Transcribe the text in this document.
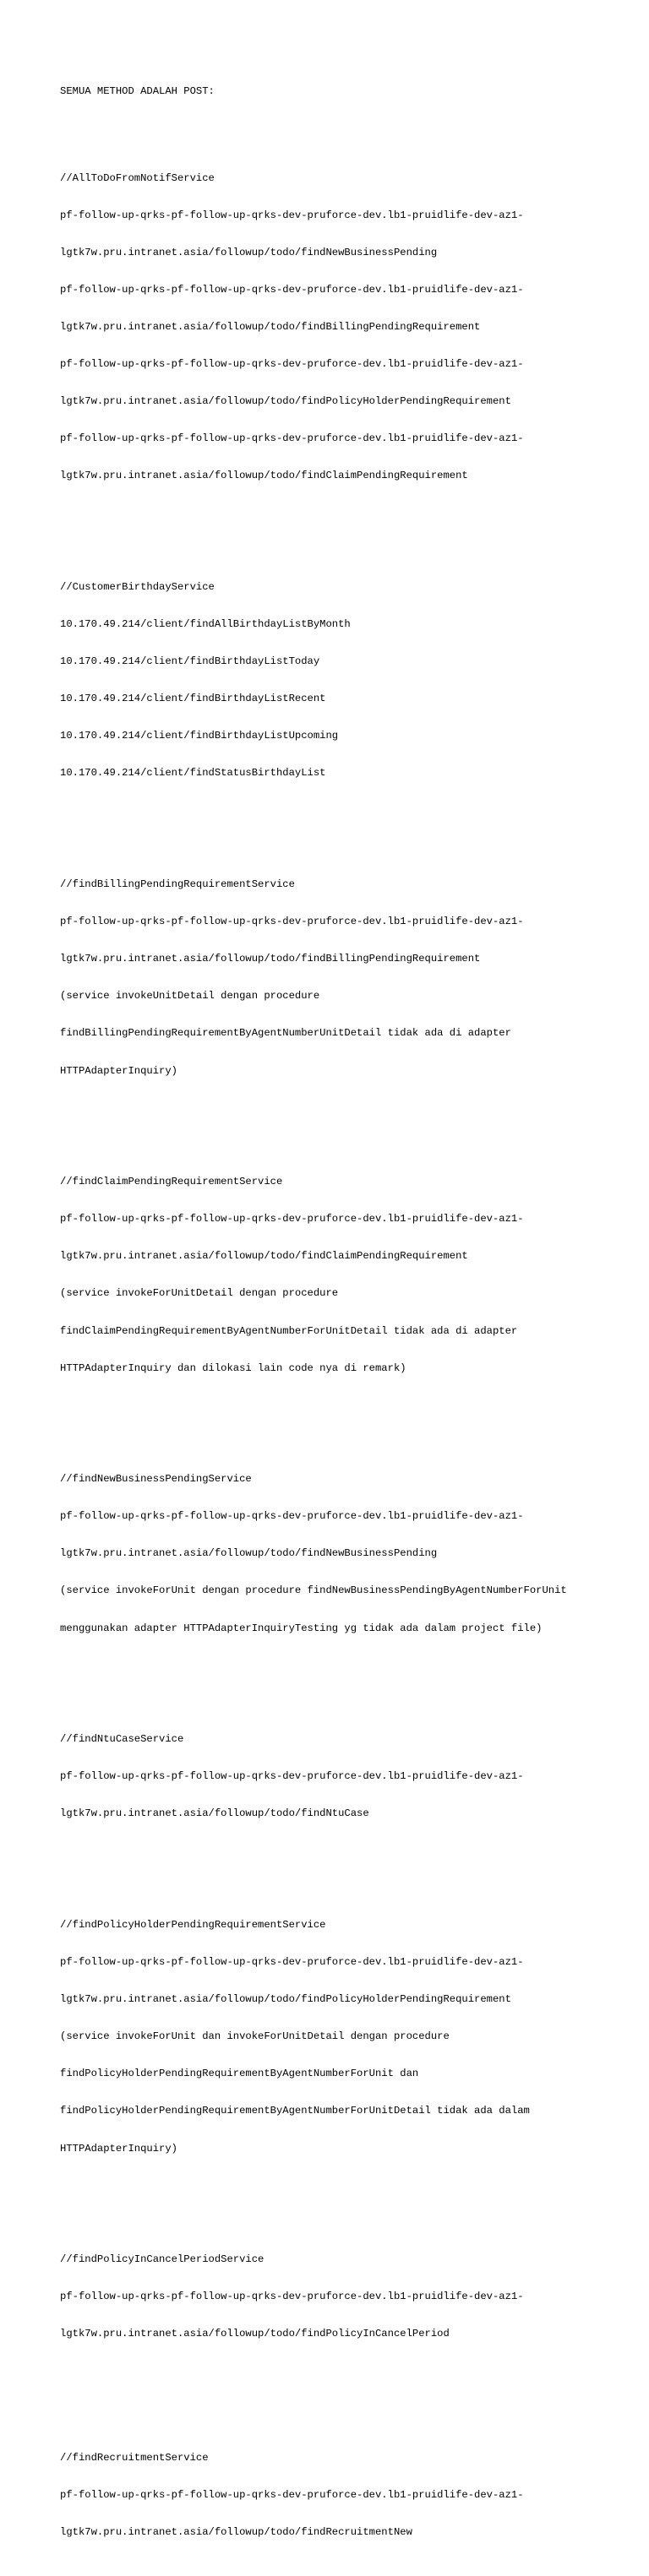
SEMUA METHOD ADALAH POST:

//AllToDoFromNotifService

pf-follow-up-qrks-pf-follow-up-qrks-dev-pruforce-dev.lb1-pruidlife-dev-az1-

lgtk7w.pru.intranet.asia/followup/todo/findNewBusinessPending

pf-follow-up-qrks-pf-follow-up-qrks-dev-pruforce-dev.lb1-pruidlife-dev-az1-

lgtk7w.pru.intranet.asia/followup/todo/findBillingPendingRequirement

pf-follow-up-qrks-pf-follow-up-qrks-dev-pruforce-dev.lb1-pruidlife-dev-az1-

lgtk7w.pru.intranet.asia/followup/todo/findPolicyHolderPendingRequirement

pf-follow-up-qrks-pf-follow-up-qrks-dev-pruforce-dev.lb1-pruidlife-dev-az1-

lgtk7w.pru.intranet.asia/followup/todo/findClaimPendingRequirement

//CustomerBirthdayService

10.170.49.214/client/findAllBirthdayListByMonth

10.170.49.214/client/findBirthdayListToday

10.170.49.214/client/findBirthdayListRecent

10.170.49.214/client/findBirthdayListUpcoming

10.170.49.214/client/findStatusBirthdayList

//findBillingPendingRequirementService

pf-follow-up-qrks-pf-follow-up-qrks-dev-pruforce-dev.lb1-pruidlife-dev-az1-

lgtk7w.pru.intranet.asia/followup/todo/findBillingPendingRequirement

(service invokeUnitDetail dengan procedure

findBillingPendingRequirementByAgentNumberUnitDetail tidak ada di adapter

HTTPAdapterInquiry)

//findClaimPendingRequirementService

pf-follow-up-qrks-pf-follow-up-qrks-dev-pruforce-dev.lb1-pruidlife-dev-az1-

lgtk7w.pru.intranet.asia/followup/todo/findClaimPendingRequirement

(service invokeForUnitDetail dengan procedure

findClaimPendingRequirementByAgentNumberForUnitDetail tidak ada di adapter

HTTPAdapterInquiry dan dilokasi lain code nya di remark)

//findNewBusinessPendingService

pf-follow-up-qrks-pf-follow-up-qrks-dev-pruforce-dev.lb1-pruidlife-dev-az1-

lgtk7w.pru.intranet.asia/followup/todo/findNewBusinessPending

(service invokeForUnit dengan procedure findNewBusinessPendingByAgentNumberForUnit

menggunakan adapter HTTPAdapterInquiryTesting yg tidak ada dalam project file)

//findNtuCaseService

pf-follow-up-qrks-pf-follow-up-qrks-dev-pruforce-dev.lb1-pruidlife-dev-az1-

lgtk7w.pru.intranet.asia/followup/todo/findNtuCase

//findPolicyHolderPendingRequirementService

pf-follow-up-qrks-pf-follow-up-qrks-dev-pruforce-dev.lb1-pruidlife-dev-az1-

lgtk7w.pru.intranet.asia/followup/todo/findPolicyHolderPendingRequirement

(service invokeForUnit dan invokeForUnitDetail dengan procedure

findPolicyHolderPendingRequirementByAgentNumberForUnit dan

findPolicyHolderPendingRequirementByAgentNumberForUnitDetail tidak ada dalam

HTTPAdapterInquiry)

//findPolicyInCancelPeriodService

pf-follow-up-qrks-pf-follow-up-qrks-dev-pruforce-dev.lb1-pruidlife-dev-az1-

lgtk7w.pru.intranet.asia/followup/todo/findPolicyInCancelPeriod

//findRecruitmentService

pf-follow-up-qrks-pf-follow-up-qrks-dev-pruforce-dev.lb1-pruidlife-dev-az1-

lgtk7w.pru.intranet.asia/followup/todo/findRecruitmentNew
